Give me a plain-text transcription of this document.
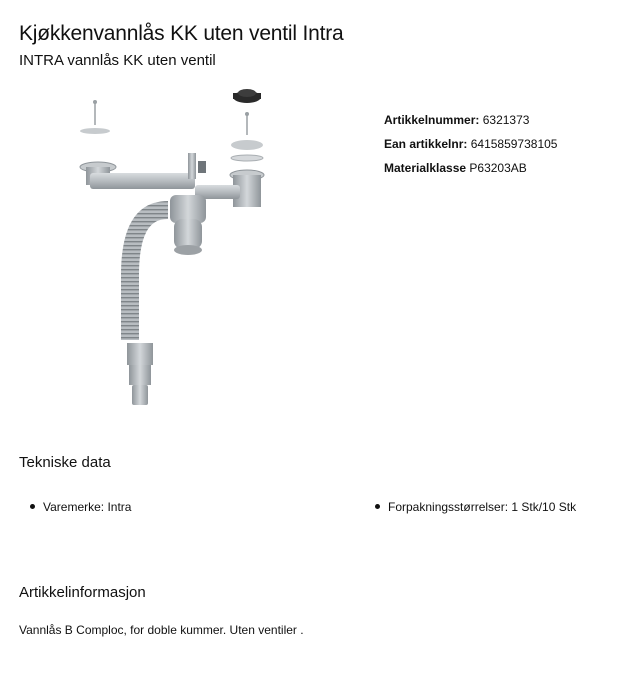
Kjøkkenvannlås KK uten ventil Intra
INTRA vannlås KK uten ventil
Artikkelnummer: 6321373
Ean artikkelnr: 6415859738105
Materialklasse P63203AB
Tekniske data
Varemerke: Intra	Forpakningsstørrelser: 1 Stk/10 Stk
Artikkelinformasjon

Vannlås B Comploc, for doble kummer. Uten ventiler .
